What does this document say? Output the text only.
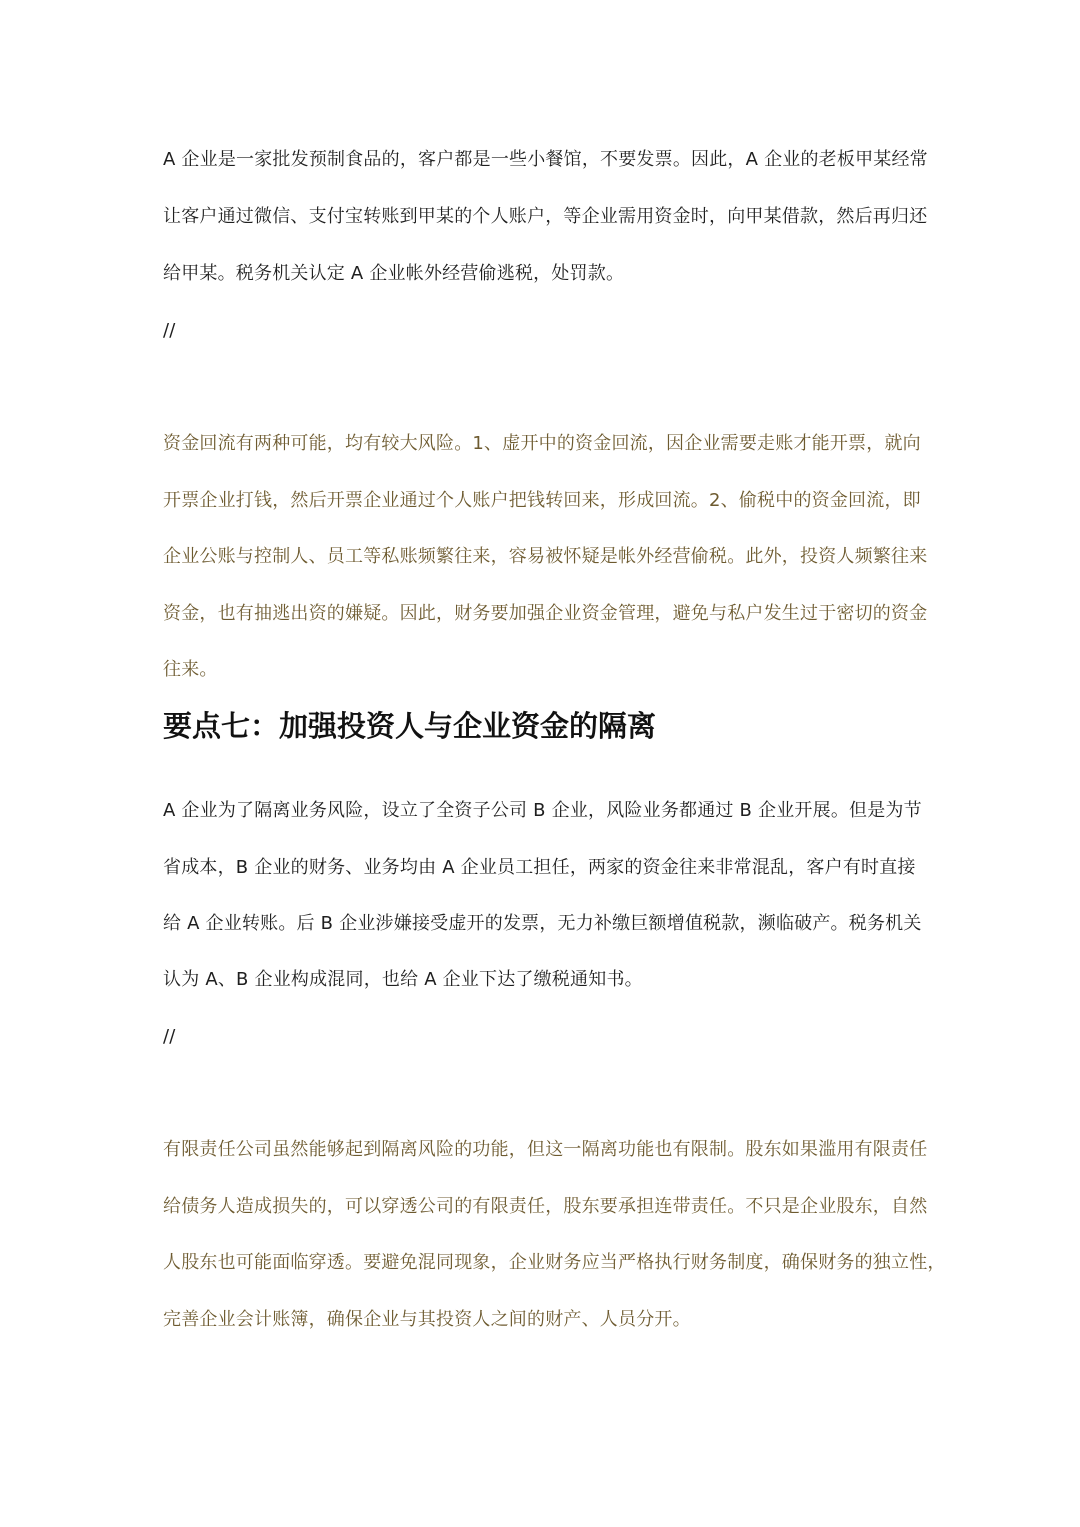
A 企业是一家批发预制食品的，客户都是一些小餐馆，不要发票。因此，A 企业的老板甲某经常
让客户通过微信、支付宝转账到甲某的个人账户，等企业需用资金时，向甲某借款，然后再归还
给甲某。税务机关认定 A 企业帐外经营偷逃税，处罚款。
//
资金回流有两种可能，均有较大风险。1、虚开中的资金回流，因企业需要走账才能开票，就向
开票企业打钱，然后开票企业通过个人账户把钱转回来，形成回流。2、偷税中的资金回流，即
企业公账与控制人、员工等私账频繁往来，容易被怀疑是帐外经营偷税。此外，投资人频繁往来
资金，也有抽逃出资的嫌疑。因此，财务要加强企业资金管理，避免与私户发生过于密切的资金
往来。
要点七：加强投资人与企业资金的隔离
A 企业为了隔离业务风险，设立了全资子公司 B 企业，风险业务都通过 B 企业开展。但是为节
省成本，B 企业的财务、业务均由 A 企业员工担任，两家的资金往来非常混乱，客户有时直接
给 A 企业转账。后 B 企业涉嫌接受虚开的发票，无力补缴巨额增值税款，濒临破产。税务机关
认为 A、B 企业构成混同，也给 A 企业下达了缴税通知书。
//
有限责任公司虽然能够起到隔离风险的功能，但这一隔离功能也有限制。股东如果滥用有限责任
给债务人造成损失的，可以穿透公司的有限责任，股东要承担连带责任。不只是企业股东，自然
人股东也可能面临穿透。要避免混同现象，企业财务应当严格执行财务制度，确保财务的独立性，
完善企业会计账簿，确保企业与其投资人之间的财产、人员分开。
